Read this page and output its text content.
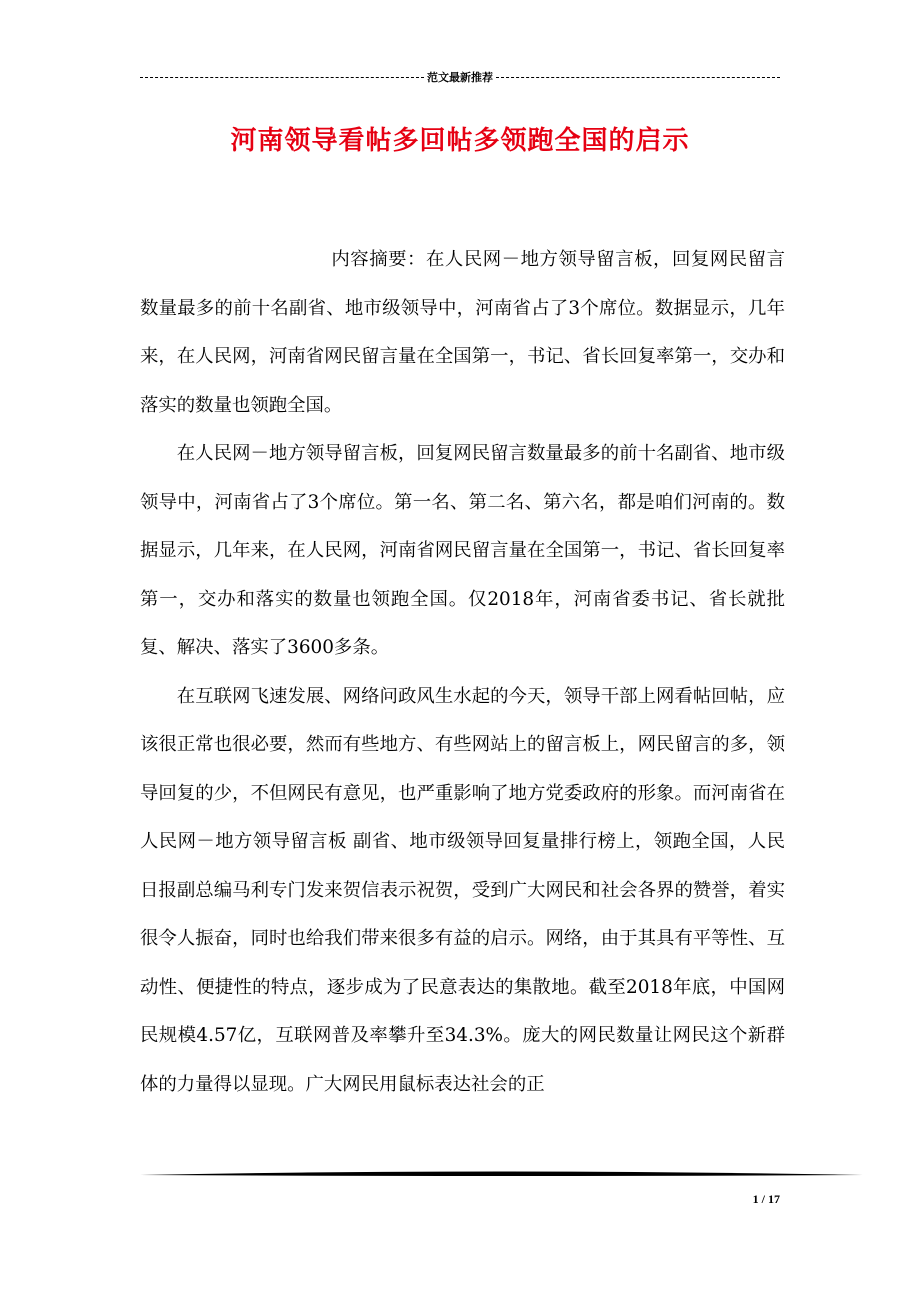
范文最新推荐
河南领导看帖多回帖多领跑全国的启示

内容摘要：在人民网－地方领导留言板，回复网民留言数量最多的前十名副省、地市级领导中，河南省占了3个席位。数据显示，几年来，在人民网，河南省网民留言量在全国第一，书记、省长回复率第一，交办和落实的数量也领跑全国。

在人民网－地方领导留言板，回复网民留言数量最多的前十名副省、地市级领导中，河南省占了3个席位。第一名、第二名、第六名，都是咱们河南的。数据显示，几年来，在人民网，河南省网民留言量在全国第一，书记、省长回复率第一，交办和落实的数量也领跑全国。仅2018年，河南省委书记、省长就批复、解决、落实了3600多条。

在互联网飞速发展、网络问政风生水起的今天，领导干部上网看帖回帖，应该很正常也很必要，然而有些地方、有些网站上的留言板上，网民留言的多，领导回复的少，不但网民有意见，也严重影响了地方党委政府的形象。而河南省在人民网－地方领导留言板 副省、地市级领导回复量排行榜上，领跑全国，人民日报副总编马利专门发来贺信表示祝贺，受到广大网民和社会各界的赞誉，着实很令人振奋，同时也给我们带来很多有益的启示。网络，由于其具有平等性、互动性、便捷性的特点，逐步成为了民意表达的集散地。截至2018年底，中国网民规模4.57亿，互联网普及率攀升至34.3%。庞大的网民数量让网民这个新群体的力量得以显现。广大网民用鼠标表达社会的正

1 / 17
